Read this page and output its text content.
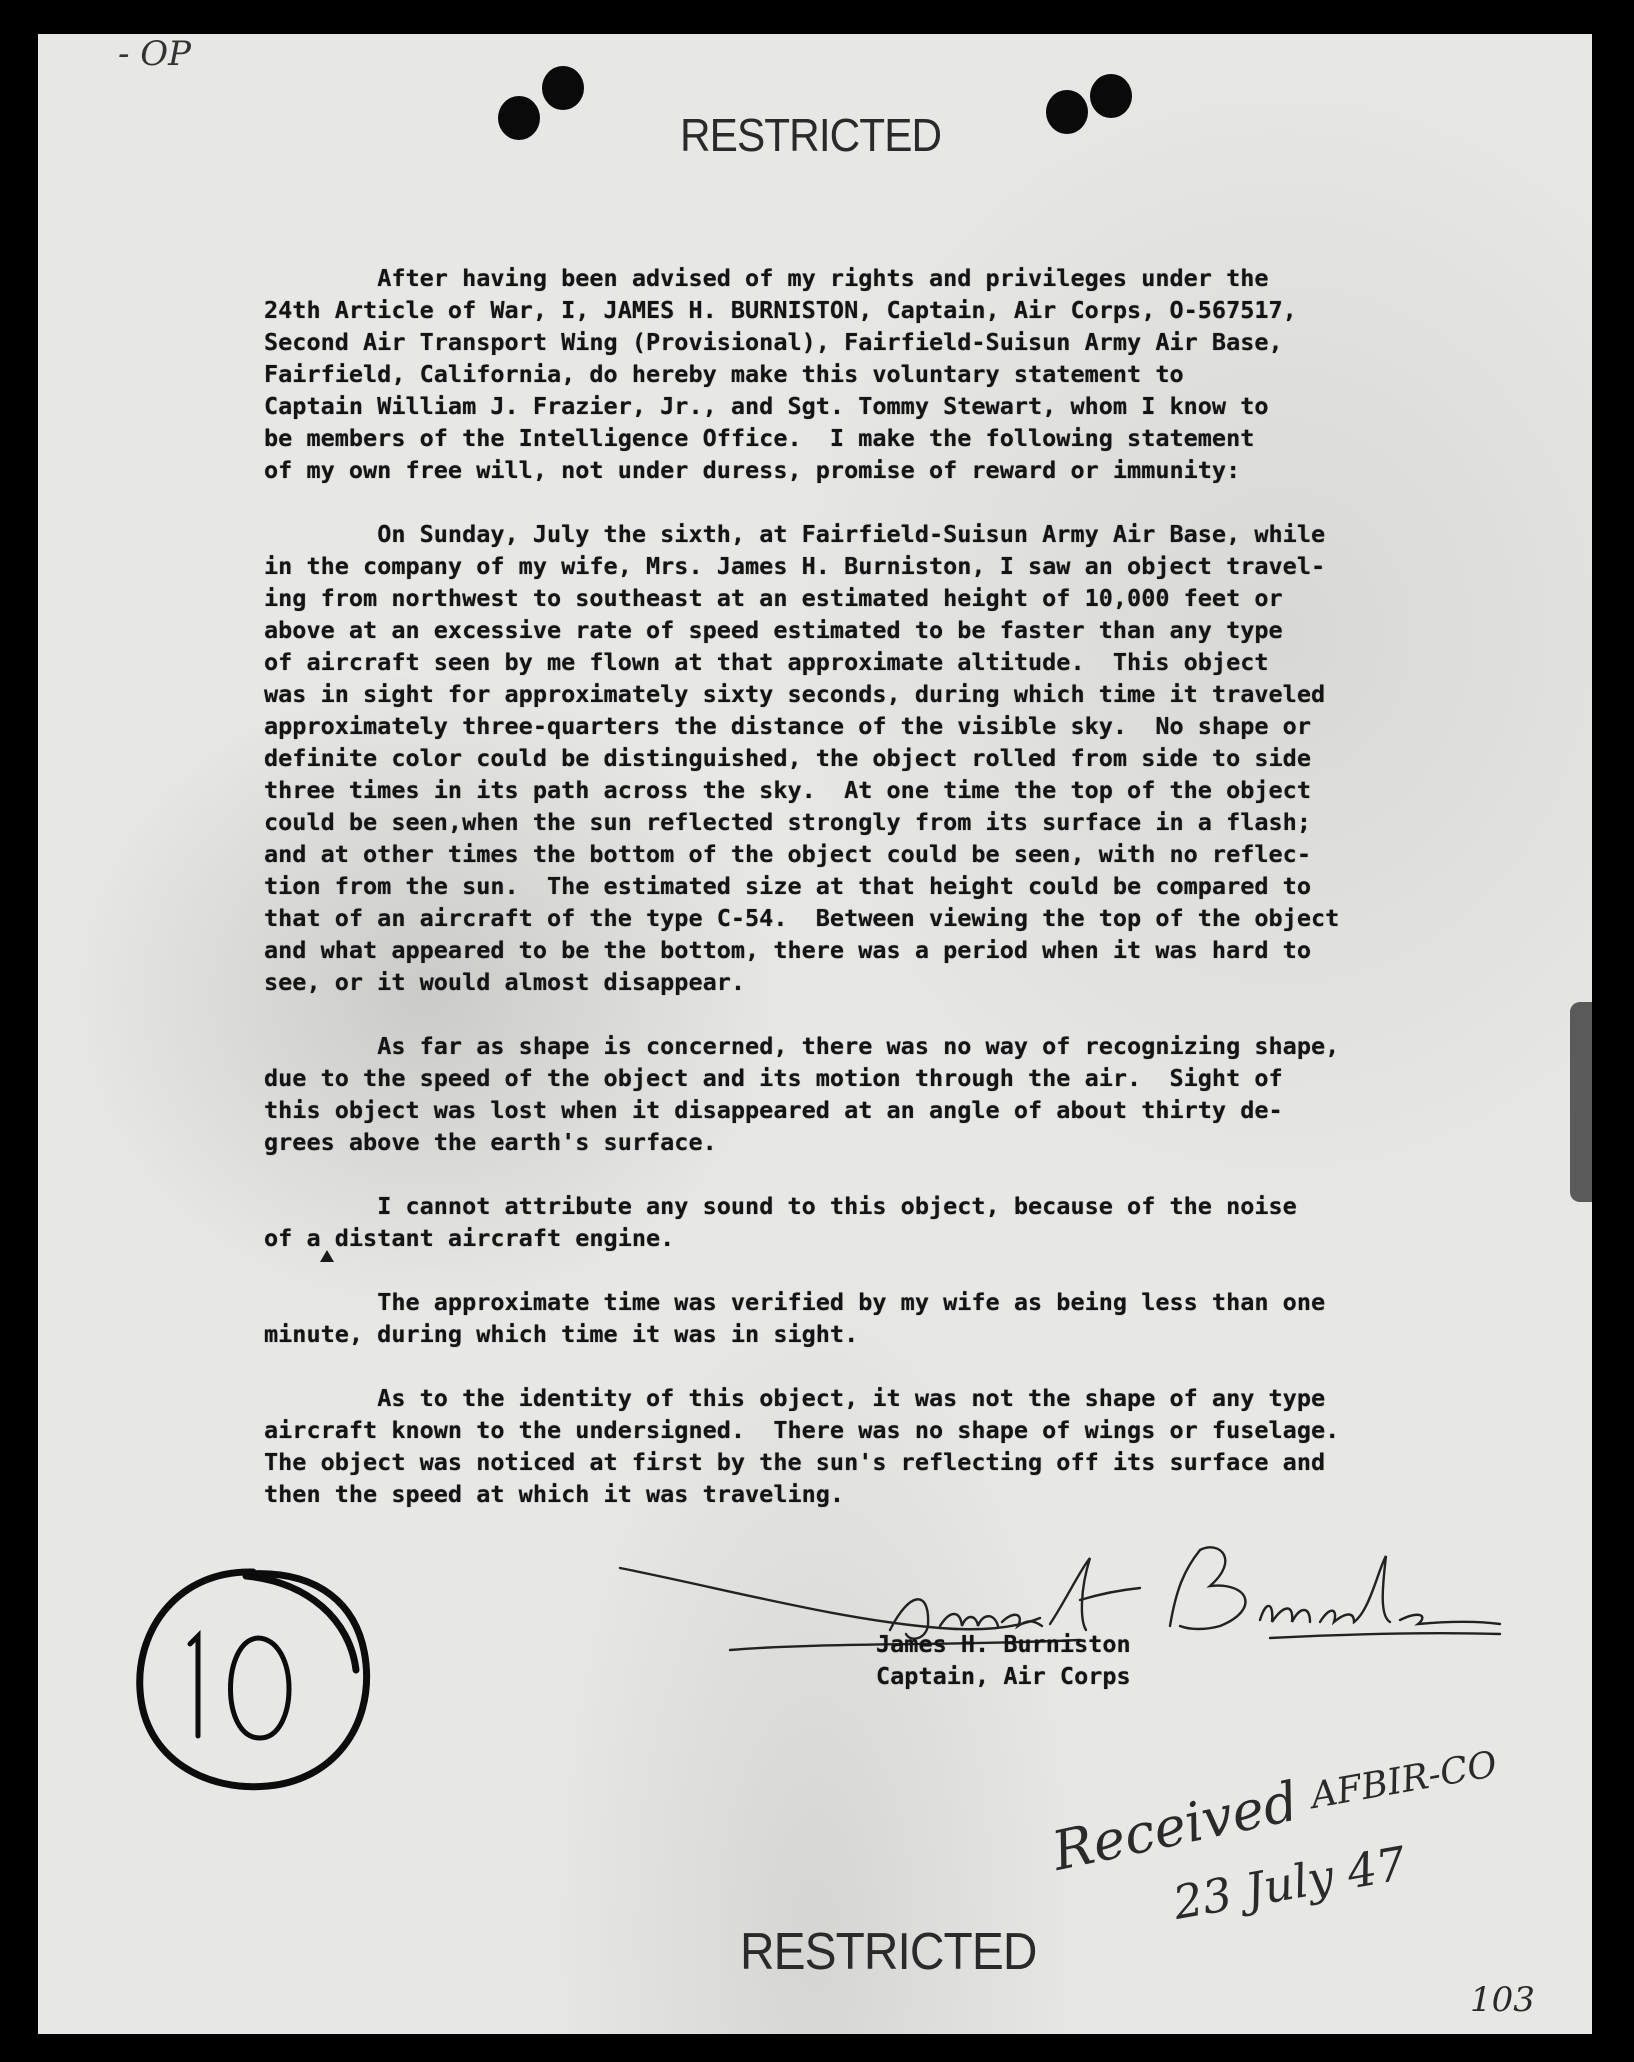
- OP
RESTRICTED

After having been advised of my rights and privileges under the
24th Article of War, I, JAMES H. BURNISTON, Captain, Air Corps, O-567517,
Second Air Transport Wing (Provisional), Fairfield-Suisun Army Air Base,
Fairfield, California, do hereby make this voluntary statement to
Captain William J. Frazier, Jr., and Sgt. Tommy Stewart, whom I know to
be members of the Intelligence Office.  I make the following statement
of my own free will, not under duress, promise of reward or immunity:

On Sunday, July the sixth, at Fairfield-Suisun Army Air Base, while
in the company of my wife, Mrs. James H. Burniston, I saw an object travel-
ing from northwest to southeast at an estimated height of 10,000 feet or
above at an excessive rate of speed estimated to be faster than any type
of aircraft seen by me flown at that approximate altitude.  This object
was in sight for approximately sixty seconds, during which time it traveled
approximately three-quarters the distance of the visible sky.  No shape or
definite color could be distinguished, the object rolled from side to side
three times in its path across the sky.  At one time the top of the object
could be seen,when the sun reflected strongly from its surface in a flash;
and at other times the bottom of the object could be seen, with no reflec-
tion from the sun.  The estimated size at that height could be compared to
that of an aircraft of the type C-54.  Between viewing the top of the object
and what appeared to be the bottom, there was a period when it was hard to
see, or it would almost disappear.

As far as shape is concerned, there was no way of recognizing shape,
due to the speed of the object and its motion through the air.  Sight of
this object was lost when it disappeared at an angle of about thirty de-
grees above the earth's surface.

I cannot attribute any sound to this object, because of the noise
of a distant aircraft engine.

The approximate time was verified by my wife as being less than one
minute, during which time it was in sight.

As to the identity of this object, it was not the shape of any type
aircraft known to the undersigned.  There was no shape of wings or fuselage.
The object was noticed at first by the sun's reflecting off its surface and
then the speed at which it was traveling.

James H. Burniston
Captain, Air Corps
Received AFBIR-CO
23 July 47
RESTRICTED
103
